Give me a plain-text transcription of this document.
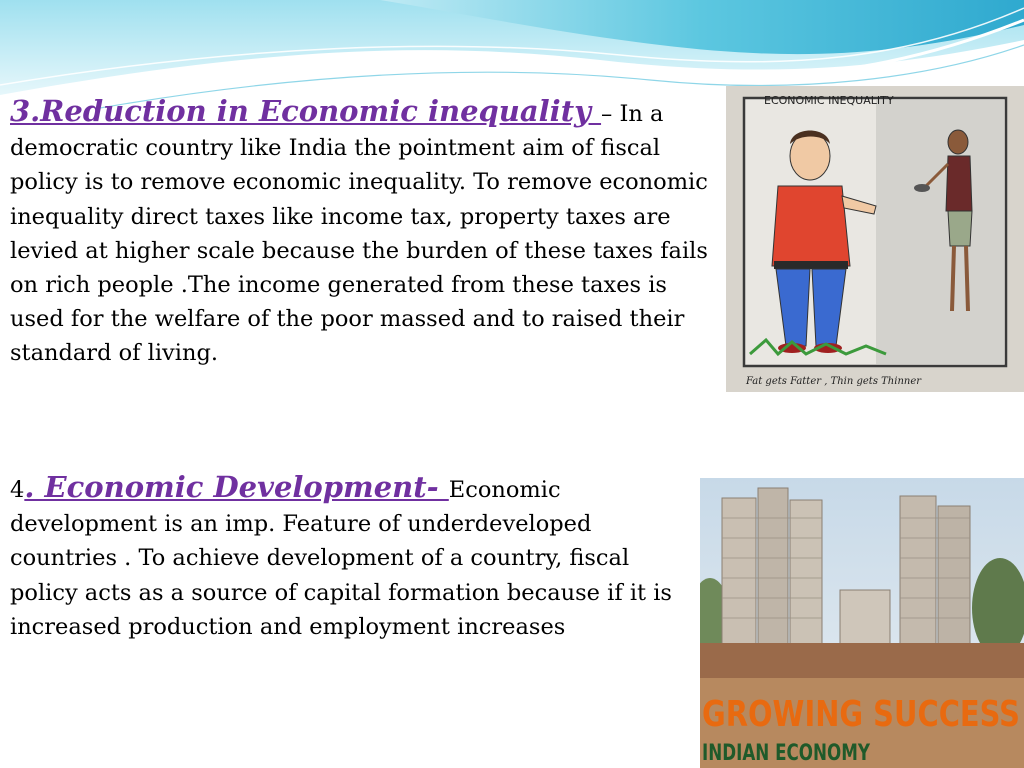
3.Reduction in Economic inequality – In a democratic country like India the pointment aim of fiscal policy is to remove economic inequality. To remove economic inequality direct taxes like income tax, property taxes are levied at higher scale because the burden of these taxes fails on rich people .The income generated from these taxes is used for the welfare of the poor massed and to raised their standard of living.
4. Economic Development- Economic development is an imp. Feature of underdeveloped countries . To achieve development of a country, fiscal policy acts as a source of capital formation because if it is increased production and employment increases
ECONOMIC INEQUALITY
Fat gets Fatter , Thin gets Thinner
GROWING SUCCESS
INDIAN ECONOMY
